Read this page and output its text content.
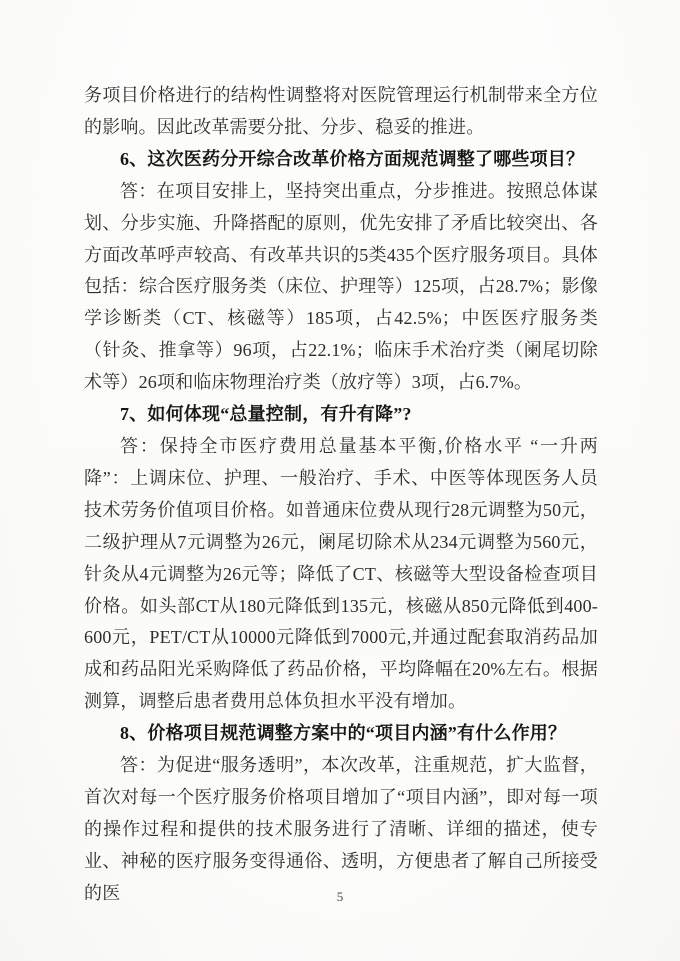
务项目价格进行的结构性调整将对医院管理运行机制带来全方位的影响。因此改革需要分批、分步、稳妥的推进。

6、这次医药分开综合改革价格方面规范调整了哪些项目？

答：在项目安排上，坚持突出重点，分步推进。按照总体谋划、分步实施、升降搭配的原则，优先安排了矛盾比较突出、各方面改革呼声较高、有改革共识的5类435个医疗服务项目。具体包括：综合医疗服务类（床位、护理等）125项，占28.7%；影像学诊断类（CT、核磁等）185项，占42.5%；中医医疗服务类（针灸、推拿等）96项，占22.1%；临床手术治疗类（阑尾切除术等）26项和临床物理治疗类（放疗等）3项，占6.7%。

7、如何体现“总量控制，有升有降”?

答：保持全市医疗费用总量基本平衡,价格水平 “一升两降”：上调床位、护理、一般治疗、手术、中医等体现医务人员技术劳务价值项目价格。如普通床位费从现行28元调整为50元，二级护理从7元调整为26元，阑尾切除术从234元调整为560元，针灸从4元调整为26元等；降低了CT、核磁等大型设备检查项目价格。如头部CT从180元降低到135元，核磁从850元降低到400-600元，PET/CT从10000元降低到7000元,并通过配套取消药品加成和药品阳光采购降低了药品价格，平均降幅在20%左右。根据测算，调整后患者费用总体负担水平没有增加。

8、价格项目规范调整方案中的“项目内涵”有什么作用？

答：为促进“服务透明”，本次改革，注重规范，扩大监督，首次对每一个医疗服务价格项目增加了“项目内涵”，即对每一项的操作过程和提供的技术服务进行了清晰、详细的描述，使专业、神秘的医疗服务变得通俗、透明，方便患者了解自己所接受的医	5
